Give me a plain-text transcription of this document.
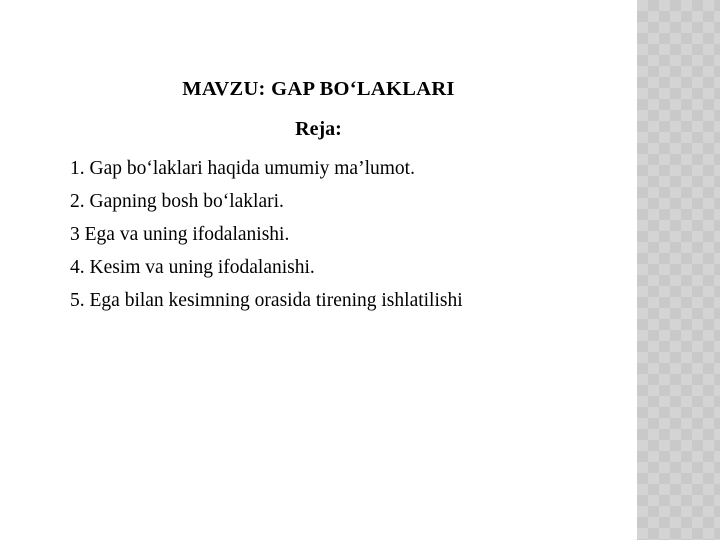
MAVZU: GAP BO‘LAKLARI
Reja:
1. Gap bo‘laklari haqida umumiy ma’lumot.
2. Gapning bosh bo‘laklari.
3 Ega va uning ifodalanishi.
4. Kesim va uning ifodalanishi.
5. Ega bilan kesimning orasida tirening ishlatilishi
